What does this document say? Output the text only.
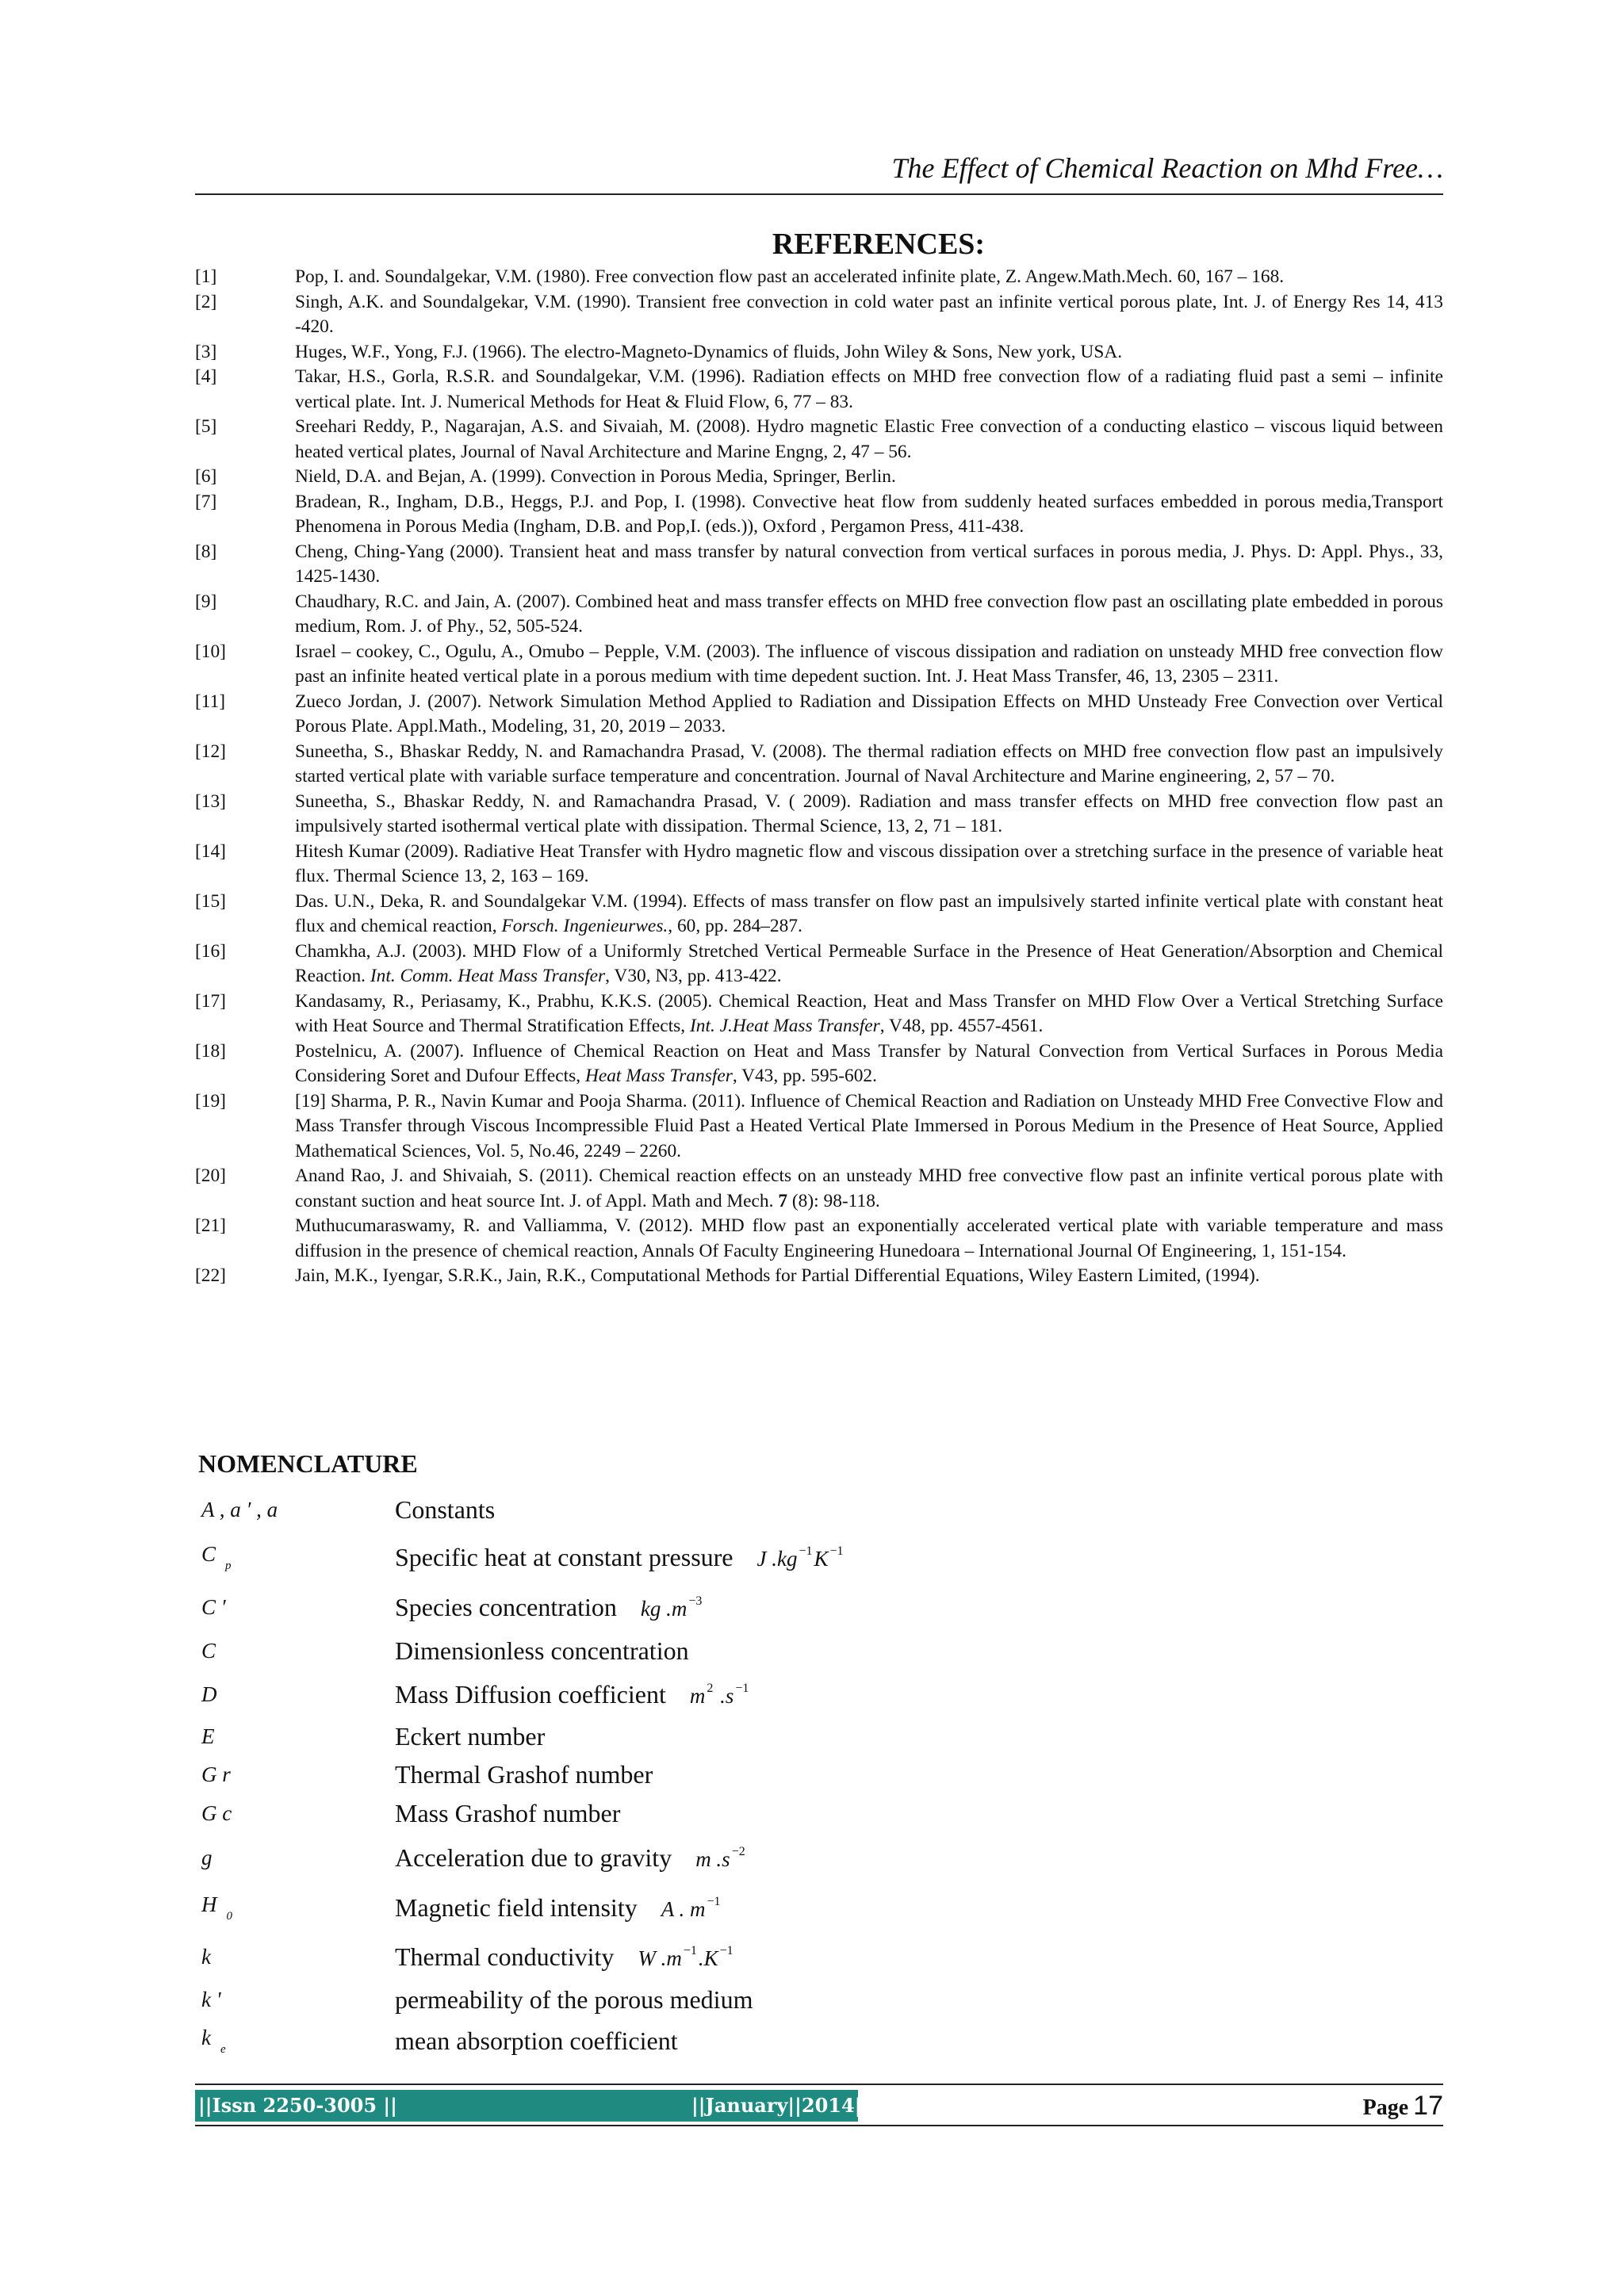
The Effect of Chemical Reaction on Mhd Free…
REFERENCES:
[1]	Pop, I. and. Soundalgekar, V.M. (1980). Free convection flow past an accelerated infinite plate, Z. Angew.Math.Mech. 60, 167 – 168.
[2]	Singh, A.K. and Soundalgekar, V.M. (1990). Transient free convection in cold water past an infinite vertical porous plate, Int. J. of Energy Res 14, 413 -420.
[3]	Huges, W.F., Yong, F.J. (1966). The electro-Magneto-Dynamics of fluids, John Wiley & Sons, New york, USA.
[4]	Takar, H.S., Gorla, R.S.R. and Soundalgekar, V.M. (1996). Radiation effects on MHD free convection flow of a radiating fluid past a semi – infinite vertical plate. Int. J. Numerical Methods for Heat & Fluid Flow, 6, 77 – 83.
[5]	Sreehari Reddy, P., Nagarajan, A.S. and Sivaiah, M. (2008). Hydro magnetic Elastic Free convection of a conducting elastico – viscous liquid between heated vertical plates, Journal of Naval Architecture and Marine Engng, 2, 47 – 56.
[6]	Nield, D.A. and Bejan, A. (1999). Convection in Porous Media, Springer, Berlin.
[7]	Bradean, R., Ingham, D.B., Heggs, P.J. and Pop, I. (1998). Convective heat flow from suddenly heated surfaces embedded in porous media,Transport Phenomena in Porous Media (Ingham, D.B. and Pop,I. (eds.)), Oxford , Pergamon Press, 411-438.
[8]	Cheng, Ching-Yang (2000). Transient heat and mass transfer by natural convection from vertical surfaces in porous media, J. Phys. D: Appl. Phys., 33, 1425-1430.
[9]	Chaudhary, R.C. and Jain, A. (2007). Combined heat and mass transfer effects on MHD free convection flow past an oscillating plate embedded in porous medium, Rom. J. of Phy., 52, 505-524.
[10]	Israel – cookey, C., Ogulu, A., Omubo – Pepple, V.M. (2003). The influence of viscous dissipation and radiation on unsteady MHD free convection flow past an infinite heated vertical plate in a porous medium with time depedent suction. Int. J. Heat Mass Transfer, 46, 13, 2305 – 2311.
[11]	Zueco Jordan, J. (2007). Network Simulation Method Applied to Radiation and Dissipation Effects on MHD Unsteady Free Convection over Vertical Porous Plate. Appl.Math., Modeling, 31, 20, 2019 – 2033.
[12]	Suneetha, S., Bhaskar Reddy, N. and Ramachandra Prasad, V. (2008). The thermal radiation effects on MHD free convection flow past an impulsively started vertical plate with variable surface temperature and concentration. Journal of Naval Architecture and Marine engineering, 2, 57 – 70.
[13]	Suneetha, S., Bhaskar Reddy, N. and Ramachandra Prasad, V. ( 2009). Radiation and mass transfer effects on MHD free convection flow past an impulsively started isothermal vertical plate with dissipation. Thermal Science, 13, 2, 71 – 181.
[14]	Hitesh Kumar (2009). Radiative Heat Transfer with Hydro magnetic flow and viscous dissipation over a stretching surface in the presence of variable heat flux. Thermal Science 13, 2, 163 – 169.
[15]	Das. U.N., Deka, R. and Soundalgekar V.M. (1994). Effects of mass transfer on flow past an impulsively started infinite vertical plate with constant heat flux and chemical reaction, Forsch. Ingenieurwes., 60, pp. 284–287.
[16]	Chamkha, A.J. (2003). MHD Flow of a Uniformly Stretched Vertical Permeable Surface in the Presence of Heat Generation/Absorption and Chemical Reaction. Int. Comm. Heat Mass Transfer, V30, N3, pp. 413-422.
[17]	Kandasamy, R., Periasamy, K., Prabhu, K.K.S. (2005). Chemical Reaction, Heat and Mass Transfer on MHD Flow Over a Vertical Stretching Surface with Heat Source and Thermal Stratification Effects, Int. J.Heat Mass Transfer, V48, pp. 4557-4561.
[18]	Postelnicu, A. (2007). Influence of Chemical Reaction on Heat and Mass Transfer by Natural Convection from Vertical Surfaces in Porous Media Considering Soret and Dufour Effects, Heat Mass Transfer, V43, pp. 595-602.
[19]	[19] Sharma, P. R., Navin Kumar and Pooja Sharma. (2011). Influence of Chemical Reaction and Radiation on Unsteady MHD Free Convective Flow and Mass Transfer through Viscous Incompressible Fluid Past a Heated Vertical Plate Immersed in Porous Medium in the Presence of Heat Source, Applied Mathematical Sciences, Vol. 5, No.46, 2249 – 2260.
[20]	Anand Rao, J. and Shivaiah, S. (2011). Chemical reaction effects on an unsteady MHD free convective flow past an infinite vertical porous plate with constant suction and heat source Int. J. of Appl. Math and Mech. 7 (8): 98-118.
[21]	Muthucumaraswamy, R. and Valliamma, V. (2012). MHD flow past an exponentially accelerated vertical plate with variable temperature and mass diffusion in the presence of chemical reaction, Annals Of Faculty Engineering Hunedoara – International Journal Of Engineering, 1, 151-154.
[22]	Jain, M.K., Iyengar, S.R.K., Jain, R.K., Computational Methods for Partial Differential Equations, Wiley Eastern Limited, (1994).
NOMENCLATURE
A , a ′ , a	Constants
C $_p$	Specific heat at constant pressure J .kg $^{-1}$K $^{-1}$
C ′	Species concentration kg .m $^{-3}$
C	Dimensionless concentration
D	Mass Diffusion coefficient m $^2$ .s $^{-1}$
E	Eckert number
G r	Thermal Grashof number
G c	Mass Grashof number
g	Acceleration due to gravity m .s $^{-2}$
H $_0$	Magnetic field intensity A . m $^{-1}$
k	Thermal conductivity W .m $^{-1}$.K $^{-1}$
k '	permeability of the porous medium
k $_e$	mean absorption coefficient
||Issn 2250-3005 ||	||January||2014||	Page 17
